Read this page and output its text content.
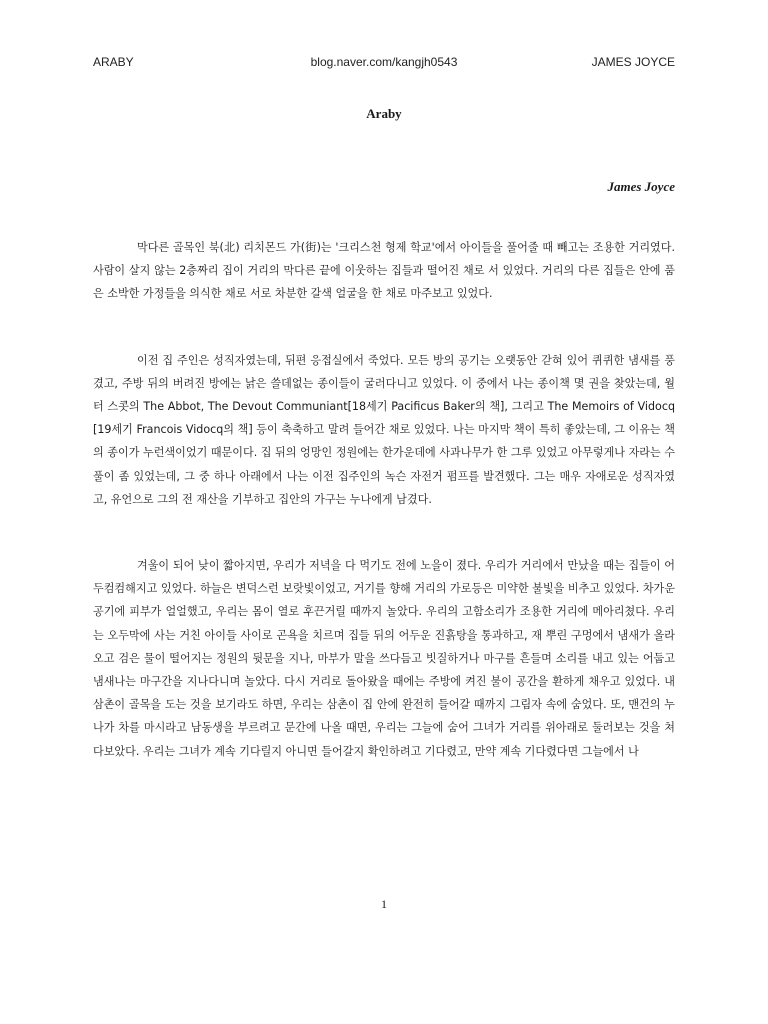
ARABY	blog.naver.com/kangjh0543	JAMES JOYCE
Araby
James Joyce

막다른 골목인 북(北) 리치몬드 가(街)는 '크리스천 형제 학교'에서 아이들을 풀어줄 때 빼고는 조용한 거리였다. 사람이 살지 않는 2층짜리 집이 거리의 막다른 끝에 이웃하는 집들과 떨어진 채로 서 있었다. 거리의 다른 집들은 안에 품은 소박한 가정들을 의식한 채로 서로 차분한 갈색 얼굴을 한 채로 마주보고 있었다.

이전 집 주인은 성직자였는데, 뒤편 응접실에서 죽었다. 모든 방의 공기는 오랫동안 갇혀 있어 퀴퀴한 냄새를 풍겼고, 주방 뒤의 버려진 방에는 낡은 쓸데없는 종이들이 굴러다니고 있었다. 이 중에서 나는 종이책 몇 권을 찾았는데, 월터 스콧의 The Abbot, The Devout Communiant[18세기 Pacificus Baker의 책], 그리고 The Memoirs of Vidocq[19세기 Francois Vidocq의 책] 등이 축축하고 말려 들어간 채로 있었다. 나는 마지막 책이 특히 좋았는데, 그 이유는 책의 종이가 누런색이었기 때문이다. 집 뒤의 엉망인 정원에는 한가운데에 사과나무가 한 그루 있었고 아무렇게나 자라는 수풀이 좀 있었는데, 그 중 하나 아래에서 나는 이전 집주인의 녹슨 자전거 펌프를 발견했다. 그는 매우 자애로운 성직자였고, 유언으로 그의 전 재산을 기부하고 집안의 가구는 누나에게 남겼다.

겨울이 되어 낮이 짧아지면, 우리가 저녁을 다 먹기도 전에 노을이 졌다. 우리가 거리에서 만났을 때는 집들이 어두컴컴해지고 있었다. 하늘은 변덕스런 보랏빛이었고, 거기를 향해 거리의 가로등은 미약한 불빛을 비추고 있었다. 차가운 공기에 피부가 얼얼했고, 우리는 몸이 열로 후끈거릴 때까지 놀았다. 우리의 고함소리가 조용한 거리에 메아리쳤다. 우리는 오두막에 사는 거친 아이들 사이로 곤욕을 치르며 집들 뒤의 어두운 진흙탕을 통과하고, 재 뿌린 구멍에서 냄새가 올라오고 검은 물이 떨어지는 정원의 뒷문을 지나, 마부가 말을 쓰다듬고 빗질하거나 마구를 흔들며 소리를 내고 있는 어둡고 냄새나는 마구간을 지나다니며 놀았다. 다시 거리로 돌아왔을 때에는 주방에 켜진 불이 공간을 환하게 채우고 있었다. 내 삼촌이 골목을 도는 것을 보기라도 하면, 우리는 삼촌이 집 안에 완전히 들어갈 때까지 그림자 속에 숨었다. 또, 맨건의 누나가 차를 마시라고 남동생을 부르려고 문간에 나올 때면, 우리는 그늘에 숨어 그녀가 거리를 위아래로 둘러보는 것을 쳐다보았다. 우리는 그녀가 계속 기다릴지 아니면 들어갈지 확인하려고 기다렸고, 만약 계속 기다렸다면 그늘에서 나

1
